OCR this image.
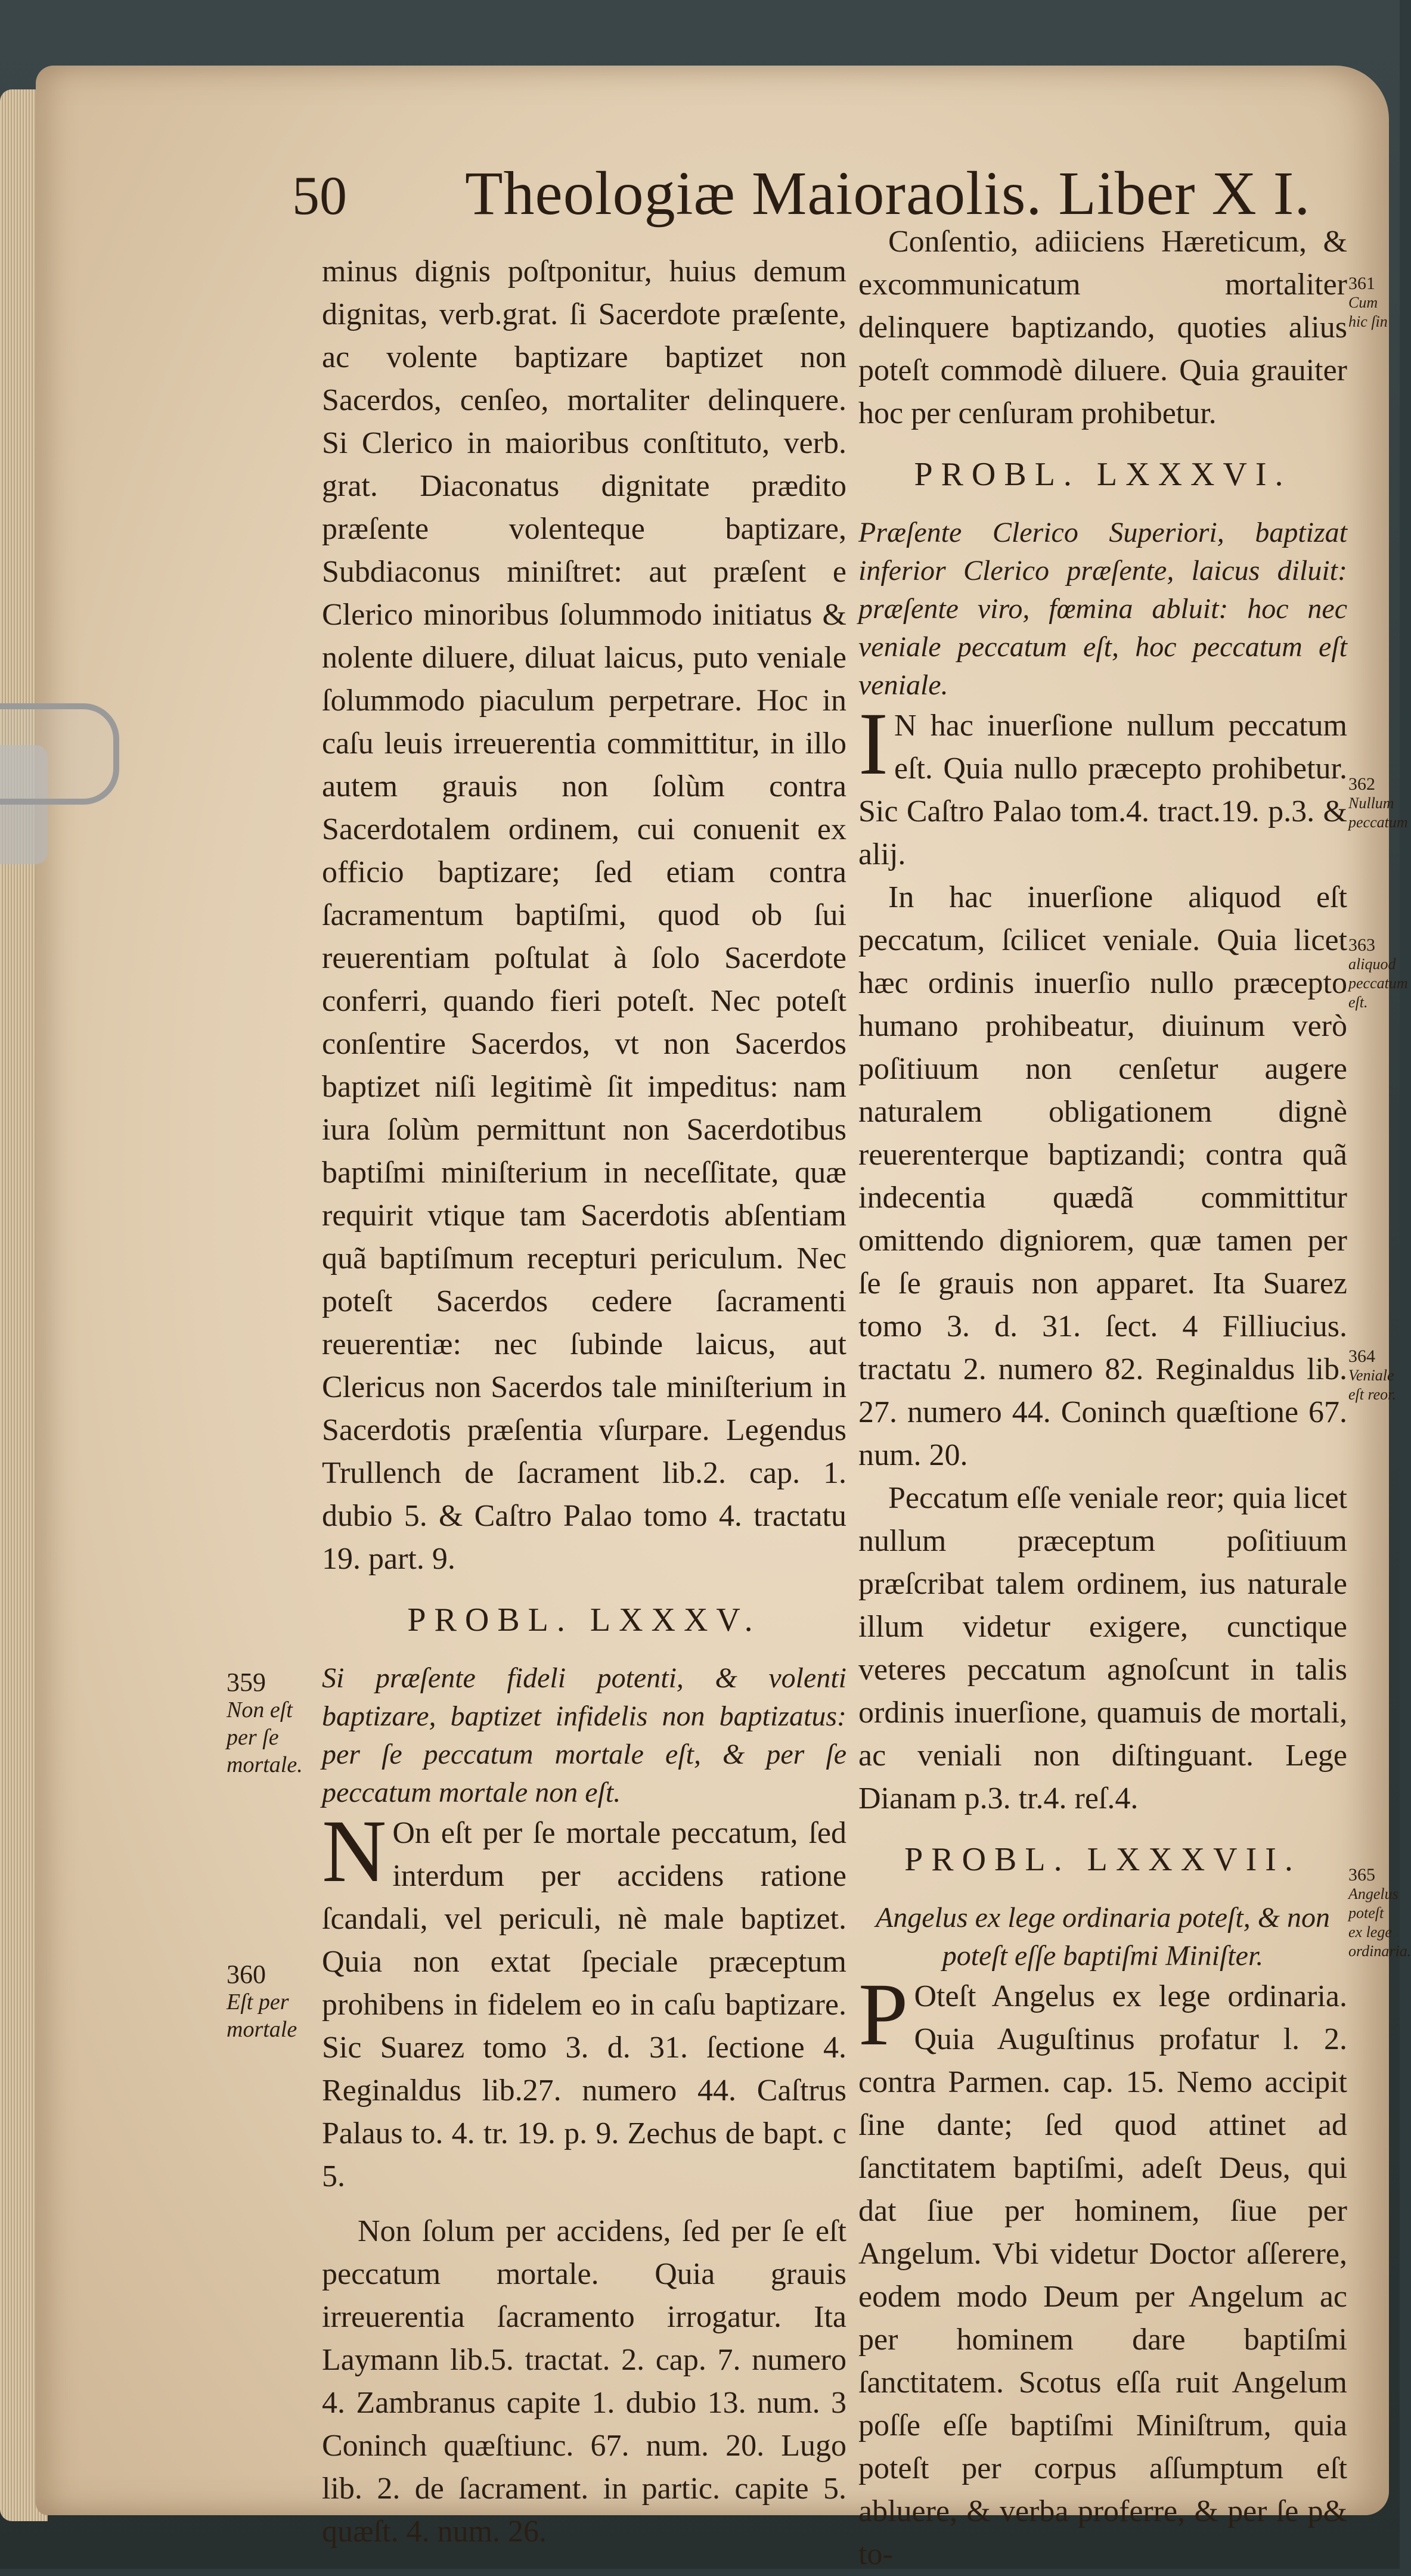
50 Theologiæ Maioraolis. Liber X I.

minus dignis poſtponitur, huius demum dignitas, verb.grat. ſi Sacerdote præſente, ac volente baptizare baptizet non Sacerdos, cenſeo, mortaliter delinquere. Si Clerico in maioribus conſtituto, verb. grat. Diaconatus dignitate prædito præſente volenteque baptizare, Subdiaconus miniſtret: aut præſent e Clerico minoribus ſolummodo initiatus & nolente diluere, diluat laicus, puto veniale ſolummodo piaculum perpetrare. Hoc in caſu leuis irreuerentia committitur, in illo autem grauis non ſolùm contra Sacerdotalem ordinem, cui conuenit ex officio baptizare; ſed etiam contra ſacramentum baptiſmi, quod ob ſui reuerentiam poſtulat à ſolo Sacerdote conferri, quando fieri poteſt. Nec poteſt conſentire Sacerdos, vt non Sacerdos baptizet niſi legitimè ſit impeditus: nam iura ſolùm permittunt non Sacerdotibus baptiſmi miniſterium in neceſſitate, quæ requirit vtique tam Sacerdotis abſentiam quã baptiſmum recepturi periculum. Nec poteſt Sacerdos cedere ſacramenti reuerentiæ: nec ſubinde laicus, aut Clericus non Sacerdos tale miniſterium in Sacerdotis præſentia vſurpare. Legendus Trullench de ſacrament lib.2. cap. 1. dubio 5. & Caſtro Palao tomo 4. tractatu 19. part. 9.

PROBL. LXXXV.

Si præſente fideli potenti, & volenti baptizare, baptizet infidelis non baptizatus: per ſe peccatum mortale eſt, & per ſe peccatum mortale non eſt.

N On eſt per ſe mortale peccatum, ſed interdum per accidens ratione ſcandali, vel periculi, nè male baptizet. Quia non extat ſpeciale præceptum prohibens in fidelem eo in caſu baptizare. Sic Suarez tomo 3. d. 31. ſectione 4. Reginaldus lib.27. numero 44. Caſtrus Palaus to. 4. tr. 19. p. 9. Zechus de bapt. c 5.

Non ſolum per accidens, ſed per ſe eſt peccatum mortale. Quia grauis irreuerentia ſacramento irrogatur. Ita Laymann lib.5. tractat. 2. cap. 7. numero 4. Zambranus capite 1. dubio 13. num. 3 Coninch quæſtiunc. 67. num. 20. Lugo lib. 2. de ſacrament. in partic. capite 5. quæſt. 4. num. 26.

Conſentio, adiiciens Hæreticum, & excommunicatum mortaliter delinquere baptizando, quoties alius poteſt commodè diluere. Quia grauiter hoc per cenſuram prohibetur.

PROBL. LXXXVI.

Præſente Clerico Superiori, baptizat inferior Clerico præſente, laicus diluit: præſente viro, fœmina abluit: hoc nec veniale peccatum eſt, hoc peccatum eſt veniale.

I N hac inuerſione nullum peccatum eſt. Quia nullo præcepto prohibetur. Sic Caſtro Palao tom.4. tract.19. p.3. & alij.

In hac inuerſione aliquod eſt peccatum, ſcilicet veniale. Quia licet hæc ordinis inuerſio nullo præcepto humano prohibeatur, diuinum verò poſitiuum non cenſetur augere naturalem obligationem dignè reuerenterque baptizandi; contra quã indecentia quædã committitur omittendo digniorem, quæ tamen per ſe ſe grauis non apparet. Ita Suarez tomo 3. d. 31. ſect. 4 Filliucius. tractatu 2. numero 82. Reginaldus lib. 27. numero 44. Coninch quæſtione 67. num. 20.

Peccatum eſſe veniale reor; quia licet nullum præceptum poſitiuum præſcribat talem ordinem, ius naturale illum videtur exigere, cunctique veteres peccatum agnoſcunt in talis ordinis inuerſione, quamuis de mortali, ac veniali non diſtinguant. Lege Dianam p.3. tr.4. reſ.4.

PROBL. LXXXVII.

Angelus ex lege ordinaria poteſt, & non poteſt eſſe baptiſmi Miniſter.

P Oteſt Angelus ex lege ordinaria. Quia Auguſtinus profatur l. 2. contra Parmen. cap. 15. Nemo accipit ſine dante; ſed quod attinet ad ſanctitatem baptiſmi, adeſt Deus, qui dat ſiue per hominem, ſiue per Angelum. Vbi videtur Doctor aſſerere, eodem modo Deum per Angelum ac per hominem dare baptiſmi ſanctitatem. Scotus eſſa ruit Angelum poſſe eſſe baptiſmi Miniſtrum, quia poteſt per corpus aſſumptum eſt abluere, & verba proferre, & per ſe p& to-

359
Non eſt per ſe mortale.
360
Eſt per mortale
361
Cum hic ſin
362
Nullum peccatum
363
aliquod peccatum eſt.
364
Veniale eſt reor.
365
Angelus poteſt ex lege ordinaria.
